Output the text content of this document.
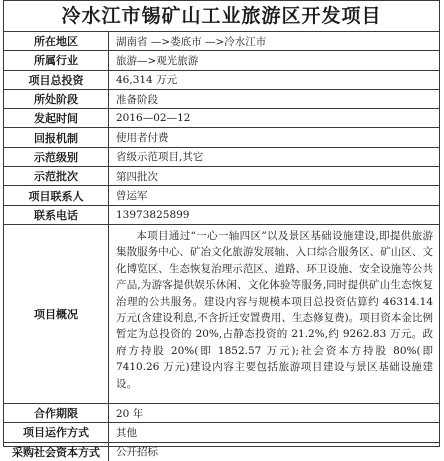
冷水江市锡矿山工业旅游区开发项目
所在地区	湖南省 —>娄底市 —>冷水江市
所属行业	旅游—>观光旅游
项目总投资	46,314 万元
所处阶段	准备阶段
发起时间	2016—02—12
回报机制	使用者付费
示范级别	省级示范项目,其它
示范批次	第四批次
项目联系人	曾运军
联系电话	13973825899
项目概况	本项目通过“一心一轴四区”以及景区基础设施建设,即提供旅游集散服务中心、矿冶文化旅游发展轴、入口综合服务区、矿山区、文化博览区、生态恢复治理示范区、道路、环卫设施、安全设施等公共产品,为游客提供娱乐休闲、文化体验等服务,同时提供矿山生态恢复治理的公共服务。建设内容与规模本项目总投资估算约 46314.14 万元(含建设利息,不含折迁安置费用、生态修复费)。项目资本金比例暂定为总投资的 20%,占静态投资的 21.2%,约 9262.83 万元。政府方持股 20%(即 1852.57 万元);社会资本方持股 80%(即 7410.26 万元)建设内容主要包括旅游项目建设与景区基础设施建设。
合作期限	20 年
项目运作方式	其他
采购社会资本方式	公开招标
